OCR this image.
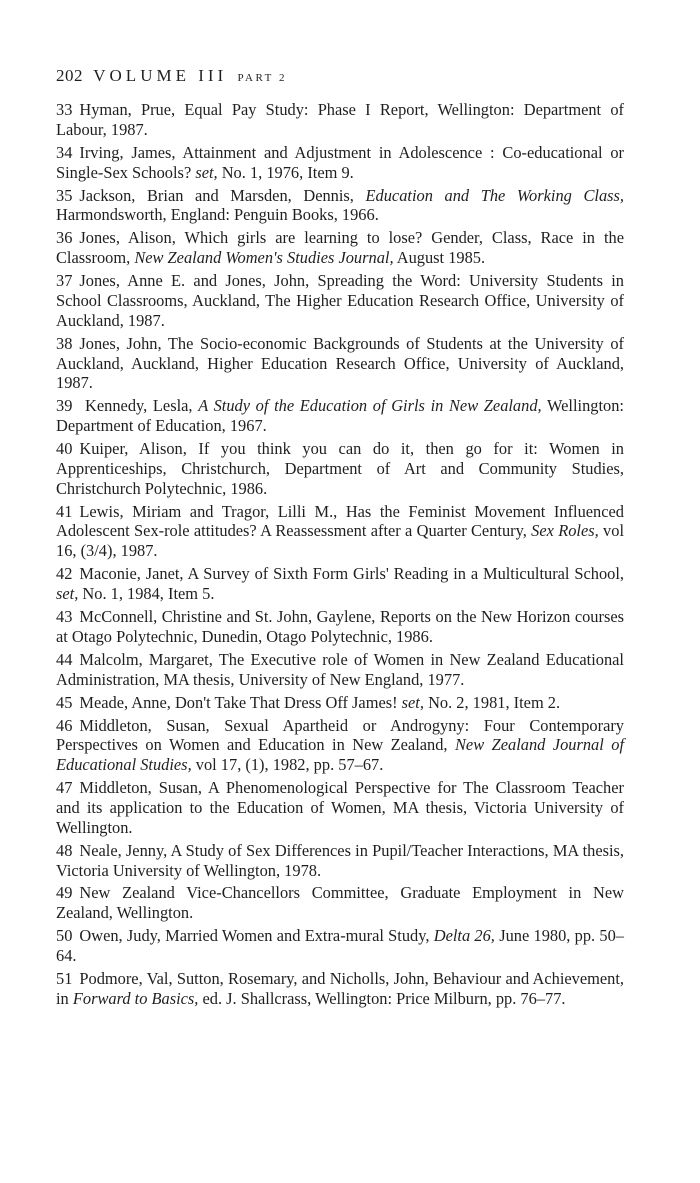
202 VOLUME III PART 2
33 Hyman, Prue, Equal Pay Study: Phase I Report, Wellington: Department of Labour, 1987.
34 Irving, James, Attainment and Adjustment in Adolescence : Co-educational or Single-Sex Schools? set, No. 1, 1976, Item 9.
35 Jackson, Brian and Marsden, Dennis, Education and The Working Class, Harmondsworth, England: Penguin Books, 1966.
36 Jones, Alison, Which girls are learning to lose? Gender, Class, Race in the Classroom, New Zealand Women's Studies Journal, August 1985.
37 Jones, Anne E. and Jones, John, Spreading the Word: University Students in School Classrooms, Auckland, The Higher Education Research Office, University of Auckland, 1987.
38 Jones, John, The Socio-economic Backgrounds of Students at the University of Auckland, Auckland, Higher Education Research Office, University of Auckland, 1987.
39 Kennedy, Lesla, A Study of the Education of Girls in New Zealand, Wellington: Department of Education, 1967.
40 Kuiper, Alison, If you think you can do it, then go for it: Women in Apprenticeships, Christchurch, Department of Art and Community Studies, Christchurch Polytechnic, 1986.
41 Lewis, Miriam and Tragor, Lilli M., Has the Feminist Movement Influenced Adolescent Sex-role attitudes? A Reassessment after a Quarter Century, Sex Roles, vol 16, (3/4), 1987.
42 Maconie, Janet, A Survey of Sixth Form Girls' Reading in a Multicultural School, set, No. 1, 1984, Item 5.
43 McConnell, Christine and St. John, Gaylene, Reports on the New Horizon courses at Otago Polytechnic, Dunedin, Otago Polytechnic, 1986.
44 Malcolm, Margaret, The Executive role of Women in New Zealand Educational Administration, MA thesis, University of New England, 1977.
45 Meade, Anne, Don't Take That Dress Off James! set, No. 2, 1981, Item 2.
46 Middleton, Susan, Sexual Apartheid or Androgyny: Four Contemporary Perspectives on Women and Education in New Zealand, New Zealand Journal of Educational Studies, vol 17, (1), 1982, pp. 57–67.
47 Middleton, Susan, A Phenomenological Perspective for The Classroom Teacher and its application to the Education of Women, MA thesis, Victoria University of Wellington.
48 Neale, Jenny, A Study of Sex Differences in Pupil/Teacher Interactions, MA thesis, Victoria University of Wellington, 1978.
49 New Zealand Vice-Chancellors Committee, Graduate Employment in New Zealand, Wellington.
50 Owen, Judy, Married Women and Extra-mural Study, Delta 26, June 1980, pp. 50–64.
51 Podmore, Val, Sutton, Rosemary, and Nicholls, John, Behaviour and Achievement, in Forward to Basics, ed. J. Shallcrass, Wellington: Price Milburn, pp. 76–77.
